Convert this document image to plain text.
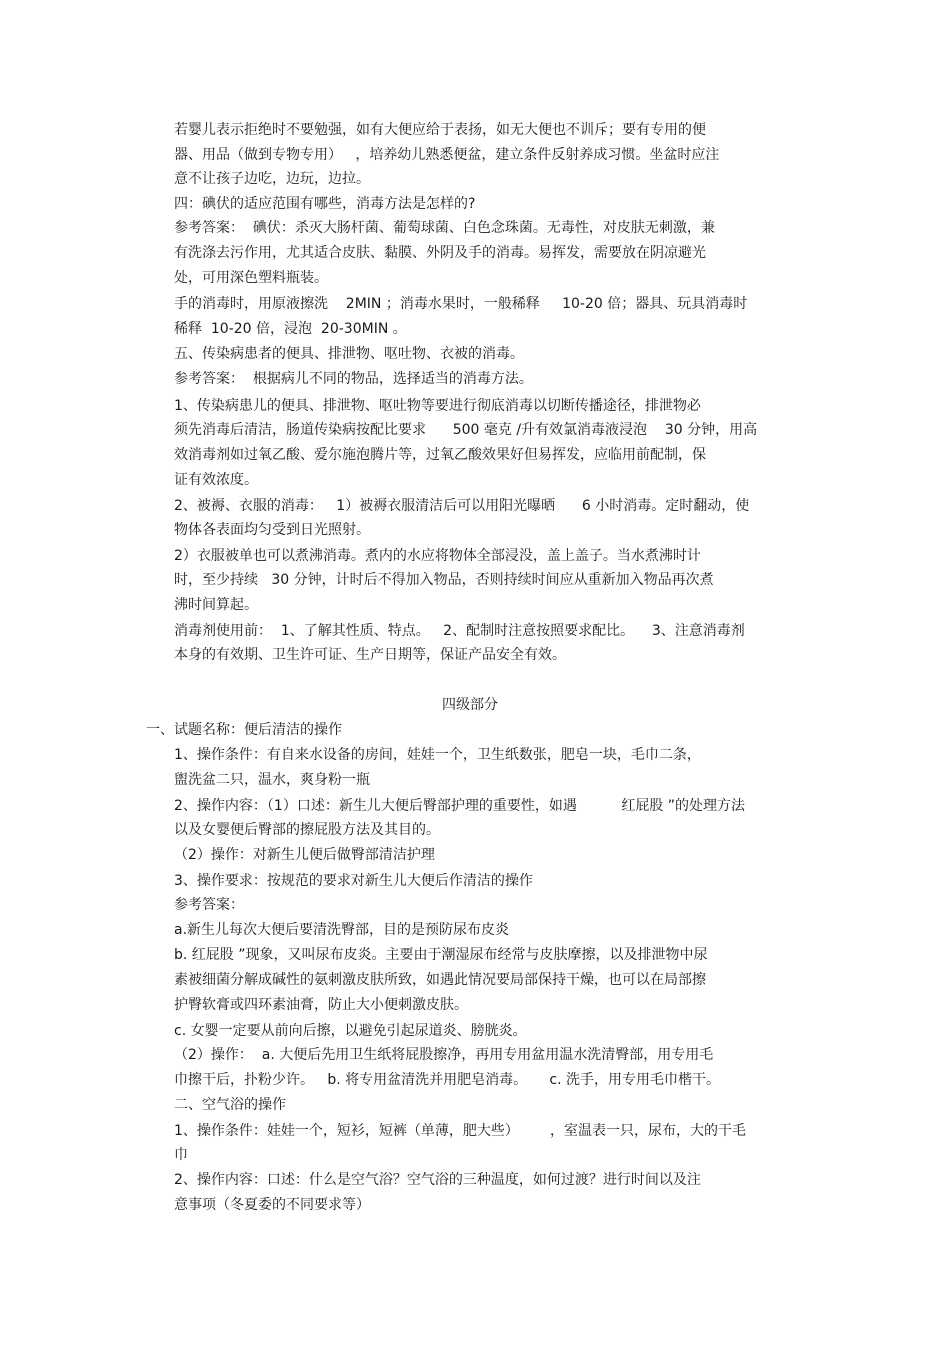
若婴儿表示拒绝时不要勉强，如有大便应给于表扬，如无大便也不训斥；要有专用的便
器、用品（做到专物专用）   ，培养幼儿熟悉便盆，建立条件反射养成习惯。坐盆时应注
意不让孩子边吃，边玩，边拉。
四：碘伏的适应范围有哪些，消毒方法是怎样的?
参考答案：  碘伏：杀灭大肠杆菌、葡萄球菌、白色念珠菌。无毒性，对皮肤无刺激，兼
有洗涤去污作用，尤其适合皮肤、黏膜、外阴及手的消毒。易挥发，需要放在阴凉避光
处，可用深色塑料瓶装。
手的消毒时，用原液擦洗    2MIN ；消毒水果时，一般稀释     10-20 倍；器具、玩具消毒时
稀释  10-20 倍，浸泡  20-30MIN 。
五、传染病患者的便具、排泄物、呕吐物、衣被的消毒。
参考答案：  根据病儿不同的物品，选择适当的消毒方法。
1、传染病患儿的便具、排泄物、呕吐物等要进行彻底消毒以切断传播途径，排泄物必
须先消毒后清洁，肠道传染病按配比要求      500 毫克 /升有效氯消毒液浸泡    30 分钟，用高
效消毒剂如过氧乙酸、爱尔施泡腾片等，过氧乙酸效果好但易挥发，应临用前配制，保
证有效浓度。
2、被褥、衣服的消毒：   1）被褥衣服清洁后可以用阳光曝晒      6 小时消毒。定时翻动，使
物体各表面均匀受到日光照射。
2）衣服被单也可以煮沸消毒。煮内的水应将物体全部浸没，盖上盖子。当水煮沸时计
时，至少持续   30 分钟，计时后不得加入物品，否则持续时间应从重新加入物品再次煮
沸时间算起。
消毒剂使用前：  1、了解其性质、特点。   2、配制时注意按照要求配比。    3、注意消毒剂
本身的有效期、卫生许可证、生产日期等，保证产品安全有效。
四级部分
一、试题名称：便后清洁的操作
1、操作条件：有自来水设备的房间，娃娃一个，卫生纸数张，肥皂一块，毛巾二条，
盥洗盆二只，温水，爽身粉一瓶
2、操作内容：（1）口述：新生儿大便后臀部护理的重要性，如遇          红屁股 ”的处理方法
以及女婴便后臀部的擦屁股方法及其目的。
（2）操作：对新生儿便后做臀部清洁护理
3、操作要求：按规范的要求对新生儿大便后作清洁的操作
参考答案：
a.新生儿每次大便后要清洗臀部，目的是预防尿布皮炎
b. 红屁股 ”现象，又叫尿布皮炎。主要由于潮湿尿布经常与皮肤摩擦，以及排泄物中尿
素被细菌分解成碱性的氨刺激皮肤所致，如遇此情况要局部保持干燥，也可以在局部擦
护臀软膏或四环素油膏，防止大小便刺激皮肤。
c. 女婴一定要从前向后擦，以避免引起尿道炎、膀胱炎。
（2）操作：  a. 大便后先用卫生纸将屁股擦净，再用专用盆用温水洗清臀部，用专用毛
巾擦干后，扑粉少许。   b. 将专用盆清洗并用肥皂消毒。     c. 洗手，用专用毛巾楷干。
二、空气浴的操作
1、操作条件：娃娃一个，短衫，短裤（单薄，肥大些）       ，室温表一只，尿布，大的干毛
巾
2、操作内容：口述：什么是空气浴？空气浴的三种温度，如何过渡？进行时间以及注
意事项（冬夏委的不同要求等）
